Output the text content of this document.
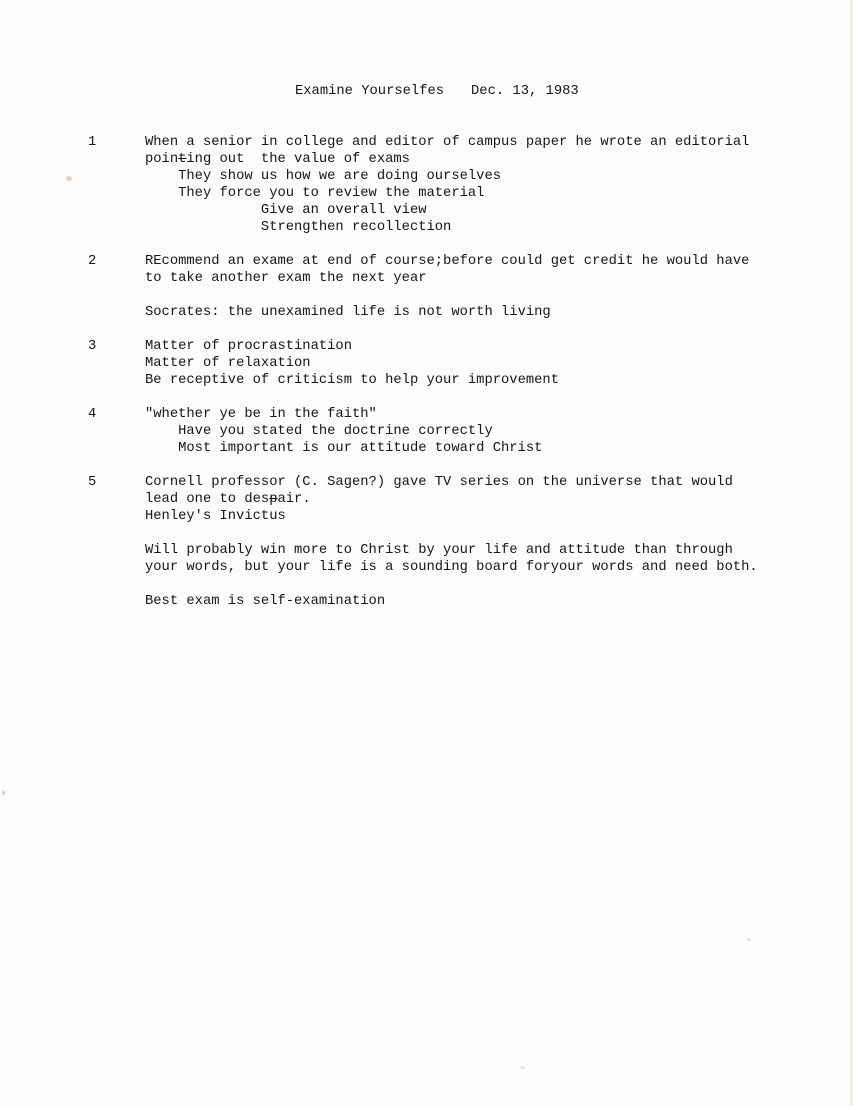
Examine Yourselfes Dec. 13, 1983
1	When a senior in college and editor of campus paper he wrote an editorial
pointing out  the value of exams
They show us how we are doing ourselves
They force you to review the material
Give an overall view
Strengthen recollection
2	REcommend an exame at end of course;before could get credit he would have
to take another exam the next year
Socrates: the unexamined life is not worth living
3	Matter of procrastination
Matter of relaxation
Be receptive of criticism to help your improvement
4	"whether ye be in the faith"
Have you stated the doctrine correctly
Most important is our attitude toward Christ
5	Cornell professor (C. Sagen?) gave TV series on the universe that would
lead one to despair.
Henley's Invictus
Will probably win more to Christ by your life and attitude than through
your words, but your life is a sounding board foryour words and need both.
Best exam is self-examination
